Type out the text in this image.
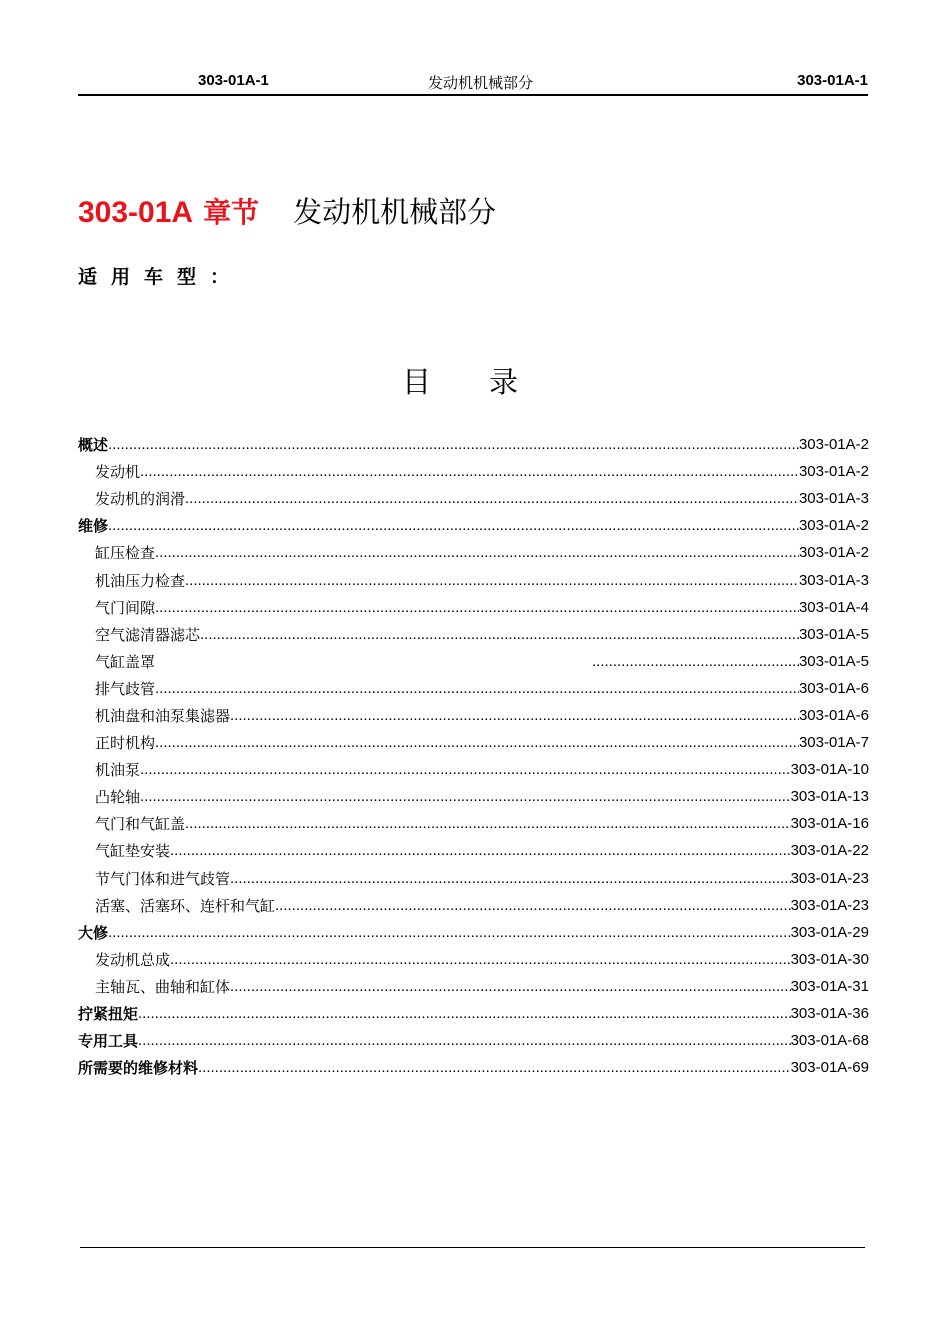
303-01A-1	发动机机械部分	303-01A-1
303-01A 章节 发动机机械部分
适用车型：
目录
概述 .....	303-01A-2
发动机 .....	303-01A-2
发动机的润滑 .....	303-01A-3
维修 .....	303-01A-2
缸压检查 .....	303-01A-2
机油压力检查 .....	303-01A-3
气门间隙 .....	303-01A-4
空气滤清器滤芯 .....	303-01A-5
气缸盖罩 .....	303-01A-5
排气歧管 .....	303-01A-6
机油盘和油泵集滤器 .....	303-01A-6
正时机构 .....	303-01A-7
机油泵 .....	303-01A-10
凸轮轴 .....	303-01A-13
气门和气缸盖 .....	303-01A-16
气缸垫安装 .....	303-01A-22
节气门体和进气歧管 .....	303-01A-23
活塞、活塞环、连杆和气缸 .....	303-01A-23
大修 .....	303-01A-29
发动机总成 .....	303-01A-30
主轴瓦、曲轴和缸体 .....	303-01A-31
拧紧扭矩 .....	303-01A-36
专用工具 .....	303-01A-68
所需要的维修材料 .....	303-01A-69
